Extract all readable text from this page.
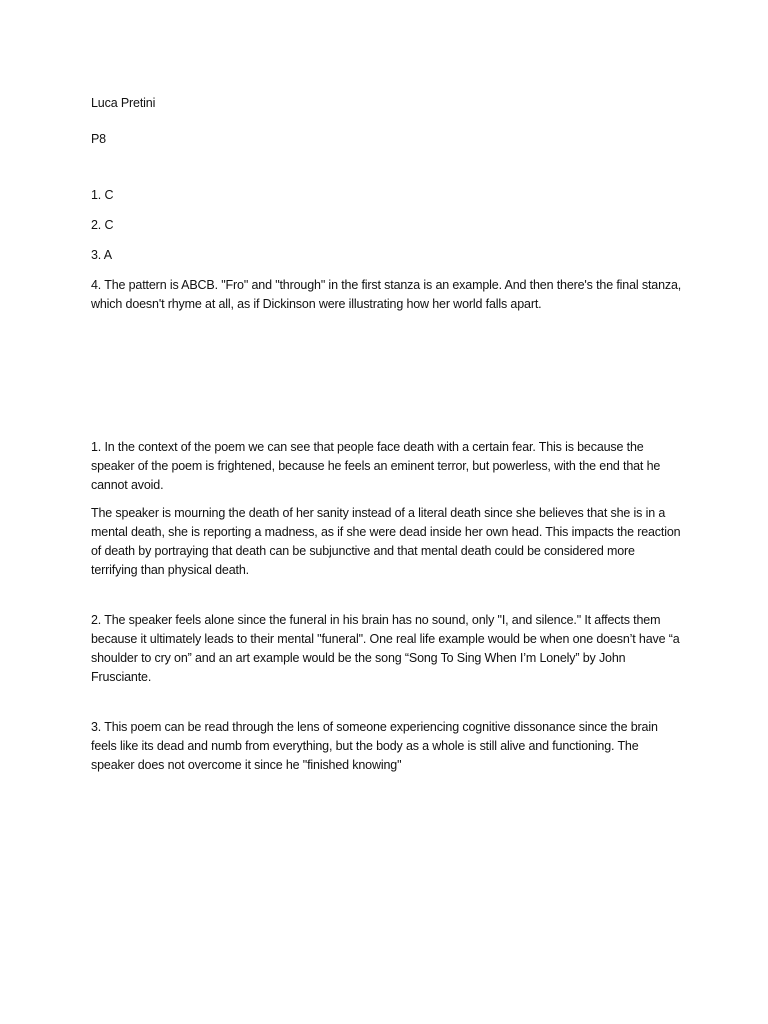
Luca Pretini

P8

1. C

2. C

3. A

4. The pattern is ABCB. "Fro" and "through" in the first stanza is an example. And then there's the final stanza, which doesn't rhyme at all, as if Dickinson were illustrating how her world falls apart.

1. In the context of the poem we can see that people face death with a certain fear. This is because the speaker of the poem is frightened, because he feels an eminent terror, but powerless, with the end that he cannot avoid.

The speaker is mourning the death of her sanity instead of a literal death since she believes that she is in a mental death, she is reporting a madness, as if she were dead inside her own head. This impacts the reaction of death by portraying that death can be subjunctive and that mental death could be considered more terrifying than physical death.

2. The speaker feels alone since the funeral in his brain has no sound, only "I, and silence." It affects them because it ultimately leads to their mental "funeral". One real life example would be when one doesn’t have “a shoulder to cry on” and an art example would be the song “Song To Sing When I’m Lonely” by John Frusciante.

3. This poem can be read through the lens of someone experiencing cognitive dissonance since the brain feels like its dead and numb from everything, but the body as a whole is still alive and functioning. The speaker does not overcome it since he "finished knowing"
